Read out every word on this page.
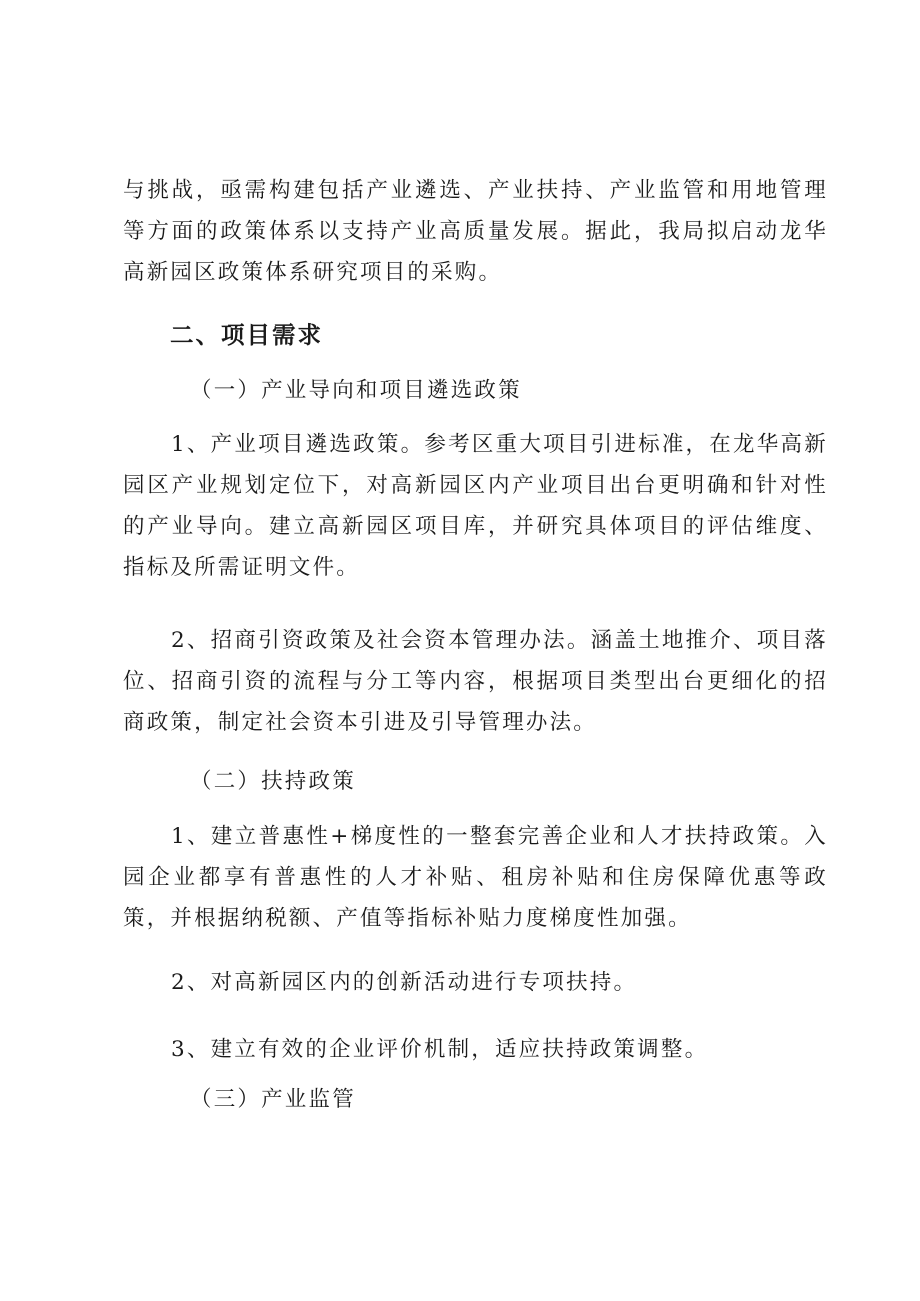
与挑战，亟需构建包括产业遴选、产业扶持、产业监管和用地管理等方面的政策体系以支持产业高质量发展。据此，我局拟启动龙华高新园区政策体系研究项目的采购。

二、项目需求

（一）产业导向和项目遴选政策

1、产业项目遴选政策。参考区重大项目引进标准，在龙华高新园区产业规划定位下，对高新园区内产业项目出台更明确和针对性的产业导向。建立高新园区项目库，并研究具体项目的评估维度、指标及所需证明文件。

2、招商引资政策及社会资本管理办法。涵盖土地推介、项目落位、招商引资的流程与分工等内容，根据项目类型出台更细化的招商政策，制定社会资本引进及引导管理办法。

（二）扶持政策

1、建立普惠性+梯度性的一整套完善企业和人才扶持政策。入园企业都享有普惠性的人才补贴、租房补贴和住房保障优惠等政策，并根据纳税额、产值等指标补贴力度梯度性加强。

2、对高新园区内的创新活动进行专项扶持。

3、建立有效的企业评价机制，适应扶持政策调整。

（三）产业监管
